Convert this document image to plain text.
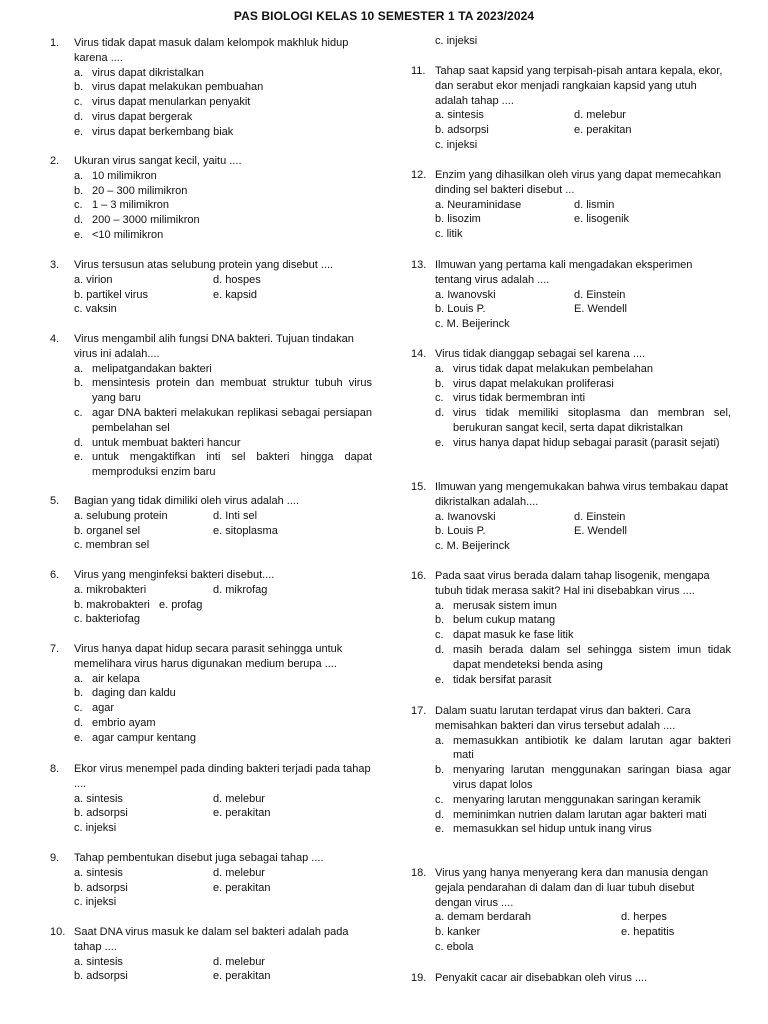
PAS BIOLOGI KELAS 10 SEMESTER 1 TA 2023/2024
1. Virus tidak dapat masuk dalam kelompok makhluk hidup karena ....
a. virus dapat dikristalkan
b. virus dapat melakukan pembuahan
c. virus dapat menularkan penyakit
d. virus dapat bergerak
e. virus dapat berkembang biak
2. Ukuran virus sangat kecil, yaitu ....
a. 10 milimikron
b. 20 – 300 milimikron
c. 1 – 3 milimikron
d. 200 – 3000 milimikron
e. <10 milimikron
3. Virus tersusun atas selubung protein yang disebut ....
a. virion	d. hospes
b. partikel virus	e. kapsid
c. vaksin
4. Virus mengambil alih fungsi DNA bakteri. Tujuan tindakan virus ini adalah....
a. melipatgandakan bakteri
b. mensintesis protein dan membuat struktur tubuh virus yang baru
c. agar DNA bakteri melakukan replikasi sebagai persiapan pembelahan sel
d. untuk membuat bakteri hancur
e. untuk mengaktifkan inti sel bakteri hingga dapat memproduksi enzim baru
5. Bagian yang tidak dimiliki oleh virus adalah ....
a. selubung protein	d. Inti sel
b. organel sel	e. sitoplasma
c. membran sel
6. Virus yang menginfeksi bakteri disebut....
a. mikrobakteri	d. mikrofag
b. makrobakteri   e. profag
c. bakteriofag
7. Virus hanya dapat hidup secara parasit sehingga untuk memelihara virus harus digunakan medium berupa ....
a. air kelapa
b. daging dan kaldu
c. agar
d. embrio ayam
e. agar campur kentang
8. Ekor virus menempel pada dinding bakteri terjadi pada tahap ....
a. sintesis	d. melebur
b. adsorpsi	e. perakitan
c. injeksi
9. Tahap pembentukan disebut juga sebagai tahap ....
a. sintesis	d. melebur
b. adsorpsi	e. perakitan
c. injeksi
10. Saat DNA virus masuk ke dalam sel bakteri adalah pada tahap ....
a. sintesis	d. melebur
b. adsorpsi	e. perakitan
c. injeksi
11. Tahap saat kapsid yang terpisah-pisah antara kepala, ekor, dan serabut ekor menjadi rangkaian kapsid yang utuh adalah tahap ....
a. sintesis	d. melebur
b. adsorpsi	e. perakitan
c. injeksi
12. Enzim yang dihasilkan oleh virus yang dapat memecahkan dinding sel bakteri disebut ...
a. Neuraminidase	d. lismin
b. lisozim	e. lisogenik
c. litik
13. Ilmuwan yang pertama kali mengadakan eksperimen tentang virus adalah ....
a. Iwanovski	d. Einstein
b. Louis P.	E. Wendell
c. M. Beijerinck
14. Virus tidak dianggap sebagai sel karena ....
a. virus tidak dapat melakukan pembelahan
b. virus dapat melakukan proliferasi
c. virus tidak bermembran inti
d. virus tidak memiliki sitoplasma dan membran sel, berukuran sangat kecil, serta dapat dikristalkan
e. virus hanya dapat hidup sebagai parasit (parasit sejati)
15. Ilmuwan yang mengemukakan bahwa virus tembakau dapat dikristalkan adalah....
a. Iwanovski	d. Einstein
b. Louis P.	E. Wendell
c. M. Beijerinck
16. Pada saat virus berada dalam tahap lisogenik, mengapa tubuh tidak merasa sakit? Hal ini disebabkan virus ....
a. merusak sistem imun
b. belum cukup matang
c. dapat masuk ke fase litik
d. masih berada dalam sel sehingga sistem imun tidak dapat mendeteksi benda asing
e. tidak bersifat parasit
17. Dalam suatu larutan terdapat virus dan bakteri. Cara memisahkan bakteri dan virus tersebut adalah ....
a. memasukkan antibiotik ke dalam larutan agar bakteri mati
b. menyaring larutan menggunakan saringan biasa agar virus dapat lolos
c. menyaring larutan menggunakan saringan keramik
d. meminimkan nutrien dalam larutan agar bakteri mati
e. memasukkan sel hidup untuk inang virus
18. Virus yang hanya menyerang kera dan manusia dengan gejala pendarahan di dalam dan di luar tubuh disebut dengan virus ....
a. demam berdarah	d. herpes
b. kanker	e. hepatitis
c. ebola
19. Penyakit cacar air disebabkan oleh virus ....
